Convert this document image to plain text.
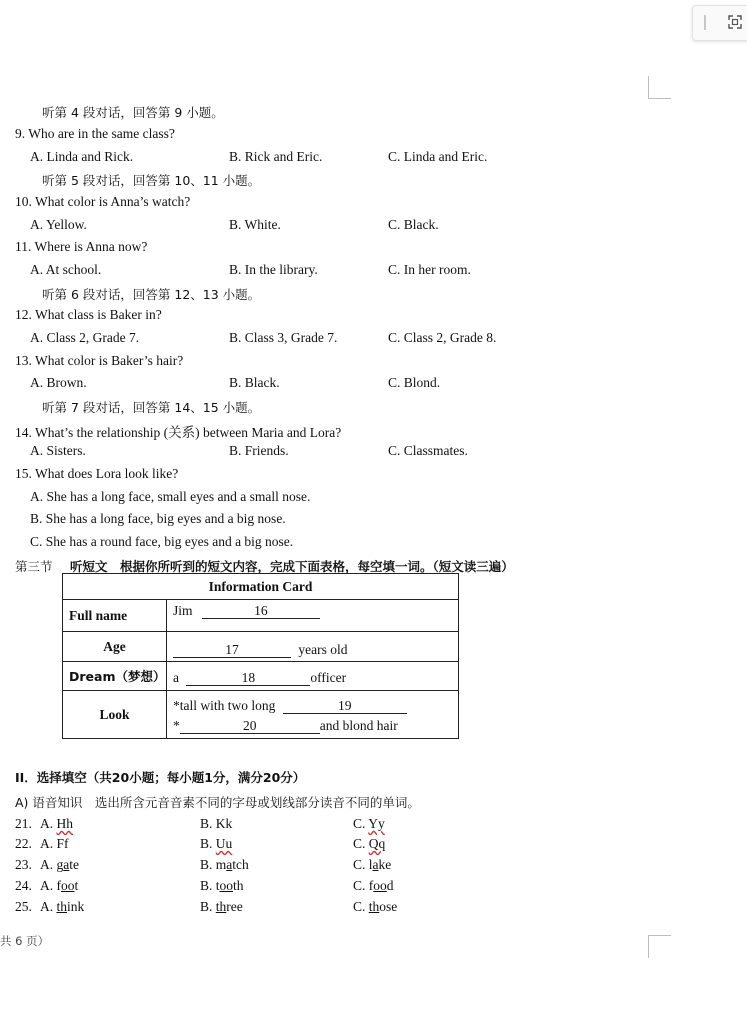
听第 4 段对话，回答第 9 小题。
9. Who are in the same class?
A. Linda and Rick.	B. Rick and Eric.	C. Linda and Eric.
听第 5 段对话，回答第 10、11 小题。
10. What color is Anna’s watch?
A. Yellow.	B. White.	C. Black.
11. Where is Anna now?
A. At school.	B. In the library.	C. In her room.
听第 6 段对话，回答第 12、13 小题。
12. What class is Baker in?
A. Class 2, Grade 7.	B. Class 3, Grade 7.	C. Class 2, Grade 8.
13. What color is Baker’s hair?
A. Brown.	B. Black.	C. Blond.
听第 7 段对话，回答第 14、15 小题。
14. What’s the relationship (关系) between Maria and Lora?
A. Sisters.	B. Friends.	C. Classmates.
15. What does Lora look like?
A. She has a long face, small eyes and a small nose.
B. She has a long face, big eyes and a big nose.
C. She has a round face, big eyes and a big nose.
第三节 听短文　根据你所听到的短文内容，完成下面表格，每空填一词。（短文读三遍）
Information Card	
Full name	Jim 16
Age	17 years old
Dream（梦想）	a 18 officer
Look	*tall with two long 19
* 20 and blond hair
II．选择填空（共20小题；每小题1分，满分20分）
A) 语音知识　选出所含元音音素不同的字母或划线部分读音不同的单词。
21. A. Hh	B. Kk	C. Yy
22. A. Ff	B. Uu	C. Qq
23. A. gate	B. match	C. lake
24. A. foot	B. tooth	C. food
25. A. think	B. three	C. those
共 6 页）
